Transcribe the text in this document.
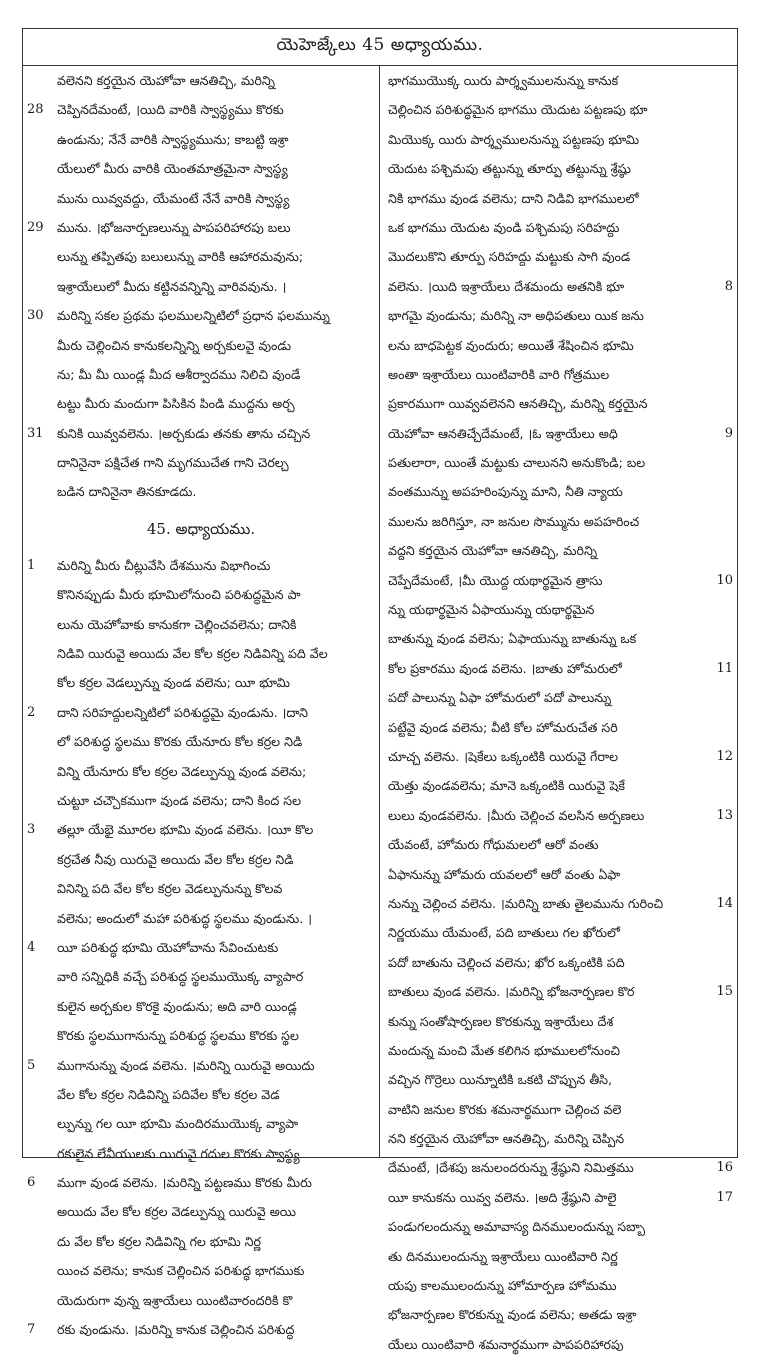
యెహెజ్కేలు 45 అధ్యాయము.
వలెనని కర్తయైన యెహోవా ఆనతిచ్చి, మరిన్ని
28 చెప్పినదేమంటే, ।యిది వారికి స్వాస్థ్యము కొరకు
ఉండును; నేనే వారికి స్వాస్థ్యమును; కాబట్టి ఇశ్రా
యేలులో మీరు వారికి యెంతమాత్రమైనా స్వాస్థ్య
మును యివ్వవద్దు, యేమంటే నేనే వారికి స్వాస్థ్య
29 మును. ।భోజనార్పణలున్ను పాపపరిహారపు బలు
లున్ను తప్పితపు బలులున్ను వారికి ఆహారమవును;
ఇశ్రాయేలులో మీదు కట్టినవన్నిన్ని వారివవును. ।
30 మరిన్ని సకల ప్రథమ ఫలములన్నిటిలో ప్రధాన ఫలమున్ను
మీరు చెల్లించిన కానుకలన్నిన్ని అర్చకులవై వుండు
ను; మీ మీ యిండ్ల మీద ఆశీర్వాదము నిలిచి వుండే
టట్టు మీరు మందుగా పిసికిన పిండి ముద్దను అర్చ
31 కునికి యివ్వవలెను. ।అర్చకుడు తనకు తాను చచ్చిన
దానినైనా పక్షిచేత గాని మృగముచేత గాని చెరల్చ
బడిన దానినైనా తినకూడదు.
45. అధ్యాయము.
1 మరిన్ని మీరు చీట్లువేసి దేశమును విభాగించు
కొనినప్పుడు మీరు భూమిలోనుంచి పరిశుద్ధమైన పా
లును యెహోవాకు కానుకగా చెల్లించవలెను; దానికి
నిడివి యిరువై అయిదు వేల కోల కర్రల నిడివిన్ని పది వేల
కోల కర్రల వెడల్పున్ను వుండ వలెను; యీ భూమి
2 దాని సరిహద్దులన్నిటిలో పరిశుద్ధమై వుండును. ।దాని
లో పరిశుద్ధ స్థలము కొరకు యేనూరు కోల కర్రల నిడి
విన్ని యేనూరు కోల కర్రల వెడల్పున్ను వుండ వలెను;
చుట్టూ చచ్చౌకముగా వుండ వలెను; దాని కింద సల
3 తల్లూ యేభై మూరల భూమి వుండ వలెను. ।యీ కొల
కర్రచేత నీవు యిరువై అయిదు వేల కోల కర్రల నిడి
వినిన్ని పది వేల కోల కర్రల వెడల్పునున్ను కొలవ
వలెను; అందులో మహా పరిశుద్ధ స్థలము వుండును. ।
4 యీ పరిశుద్ధ భూమి యెహోవాను సేవించుటకు
వారి సన్నిధికి వచ్చే పరిశుద్ధ స్థలముయొక్క వ్యాపార
కులైన అర్చకుల కొరకై వుండును; అది వారి యిండ్ల
కొరకు స్థలముగానున్ను పరిశుద్ధ స్థలము కొరకు స్థల
5 ముగానున్ను వుండ వలెను. ।మరిన్ని యిరువై అయిదు
వేల కోల కర్రల నిడివిన్ని పదివేల కోల కర్రల వెడ
ల్పున్ను గల యీ భూమి మందిరముయొక్క వ్యాపా
రకులైన లేవీయులకు యిరువై గదుల కొరకు స్వాస్థ్య
6 ముగా వుండ వలెను. ।మరిన్ని పట్టణము కొరకు మీరు
అయిదు వేల కోల కర్రల వెడల్పున్ను యిరువై అయి
దు వేల కోల కర్రల నిడివిన్ని గల భూమి నిర్ణ
యించ వలెను; కానుక చెల్లించిన పరిశుద్ధ భాగముకు
యెదురుగా వున్న ఇశ్రాయేలు యింటివారందరికి కొ
7 రకు వుండును. ।మరిన్ని కానుక చెల్లించిన పరిశుద్ధ
భాగముయొక్క యిరు పార్శ్వములనున్ను కానుక
చెల్లించిన పరిశుద్ధమైన భాగము యెదుట పట్టణపు భూ
మియొక్క యిరు పార్శ్వములనున్ను పట్టణపు భూమి
యెదుట పశ్చిమపు తట్టున్ను తూర్పు తట్టున్ను శ్రేష్ఠు
నికి భాగము వుండ వలెను; దాని నిడివి భాగములలో
ఒక భాగము యెదుట వుండి పశ్చిమపు సరిహద్దు
మొదలుకొని తూర్పు సరిహద్దు మట్టుకు సాగి వుండ
8
వలెను. ।యిది ఇశ్రాయేలు దేశమందు అతనికి భూ
భాగమై వుండును; మరిన్ని నా అధిపతులు యిక జను
లను బాధపెట్టక వుందురు; అయితే శేషించిన భూమి
అంతా ఇశ్రాయేలు యింటివారికి వారి గోత్రముల
ప్రకారముగా యివ్వవలెనని ఆనతిచ్చి, మరిన్ని కర్తయైన
9
యెహోవా ఆనతిచ్చేదేమంటే, ।ఓ ఇశ్రాయేలు అధి
పతులారా, యింతే మట్టుకు చాలునని అనుకొండి; బల
వంతమున్ను అపహరింపున్ను మాని, నీతి న్యాయ
ములను జరిగిస్తూ, నా జనుల సొమ్మును అపహరించ
వద్దని కర్తయైన యెహోవా ఆనతిచ్చి, మరిన్ని
10
చెప్పేదేమంటే, ।మీ యొద్ద యథార్థమైన త్రాసు
న్ను యథార్థమైన ఏఫాయున్ను యథార్థమైన
బాతున్ను వుండ వలెను; ఏఫాయున్ను బాతున్ను ఒక
11
కోల ప్రకారము వుండ వలెను. ।బాతు హోమరులో
పదో పాలున్ను ఏఫా హోమరులో పదో పాలున్ను
పట్టేవై వుండ వలెను; వీటి కోల హోమరుచేత సరి
12
చూచ్చ వలెను. ।షెకేలు ఒక్కంటికి యిరువై గేరాల
యెత్తు వుండవలెను; మానె ఒక్కంటికి యిరువై షెకే
13
లులు వుండవలెను. ।మీరు చెల్లించ వలసిన అర్పణలు
యేవంటే, హోమరు గోధుమలలో ఆరో వంతు
ఏఫానున్ను హోమరు యవలలో ఆరో వంతు ఏఫా
14
నున్ను చెల్లించ వలెను. ।మరిన్ని బాతు తైలమును గురించి
నిర్ణయము యేమంటే, పది బాతులు గల ఖోరులో
పదో బాతును చెల్లించ వలెను; ఖోర ఒక్కంటికి పది
15
బాతులు వుండ వలెను. ।మరిన్ని భోజనార్పణల కొర
కున్ను సంతోషార్పణల కొరకున్ను ఇశ్రాయేలు దేశ
మందున్న మంచి మేత కలిగిన భూములలోనుంచి
వచ్చిన గొర్రెలు యిన్నూటికి ఒకటి చొప్పున తీసి,
వాటిని జనుల కొరకు శమనార్థముగా చెల్లించ వలె
నని కర్తయైన యెహోవా ఆనతిచ్చి, మరిన్ని చెప్పిన
16
దేమంటే, ।దేశపు జనులందరున్ను శ్రేష్ఠుని నిమిత్తము
17
యీ కానుకను యివ్వ వలెను. ।అది శ్రేష్ఠుని పాలై
పండుగలందున్ను అమావాస్య దినములందున్ను సబ్బా
తు దినములందున్ను ఇశ్రాయేలు యింటివారి నిర్ణ
యపు కాలములందున్ను హోమార్పణ హోమము
భోజనార్పణల కొరకున్ను వుండ వలెను; అతడు ఇశ్రా
యేలు యింటివారి శమనార్థముగా పాపపరిహారపు
